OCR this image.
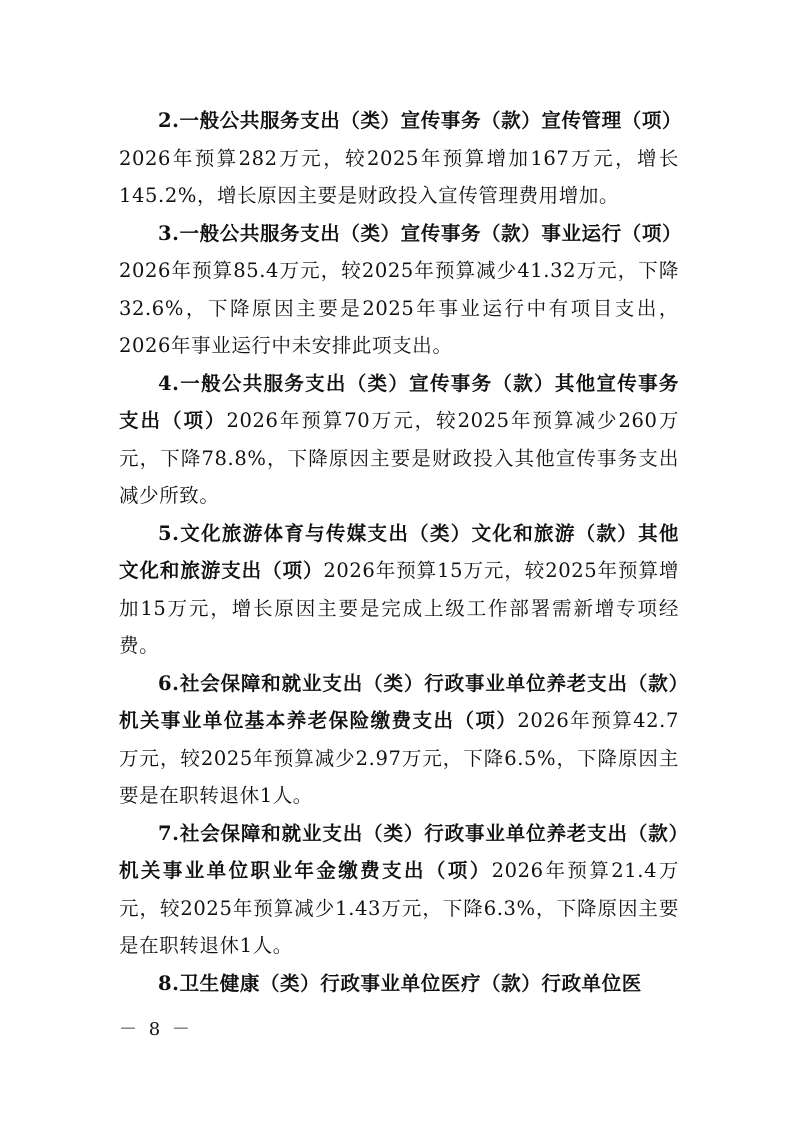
2.一般公共服务支出（类）宣传事务（款）宣传管理（项）2026年预算282万元，较2025年预算增加167万元，增长145.2%，增长原因主要是财政投入宣传管理费用增加。

3.一般公共服务支出（类）宣传事务（款）事业运行（项）2026年预算85.4万元，较2025年预算减少41.32万元，下降32.6%，下降原因主要是2025年事业运行中有项目支出，2026年事业运行中未安排此项支出。

4.一般公共服务支出（类）宣传事务（款）其他宣传事务支出（项）2026年预算70万元，较2025年预算减少260万元，下降78.8%，下降原因主要是财政投入其他宣传事务支出减少所致。

5.文化旅游体育与传媒支出（类）文化和旅游（款）其他文化和旅游支出（项）2026年预算15万元，较2025年预算增加15万元，增长原因主要是完成上级工作部署需新增专项经费。

6.社会保障和就业支出（类）行政事业单位养老支出（款）机关事业单位基本养老保险缴费支出（项）2026年预算42.7万元，较2025年预算减少2.97万元，下降6.5%，下降原因主要是在职转退休1人。

7.社会保障和就业支出（类）行政事业单位养老支出（款）机关事业单位职业年金缴费支出（项）2026年预算21.4万元，较2025年预算减少1.43万元，下降6.3%，下降原因主要是在职转退休1人。

8.卫生健康（类）行政事业单位医疗（款）行政单位医

－ 8 －
